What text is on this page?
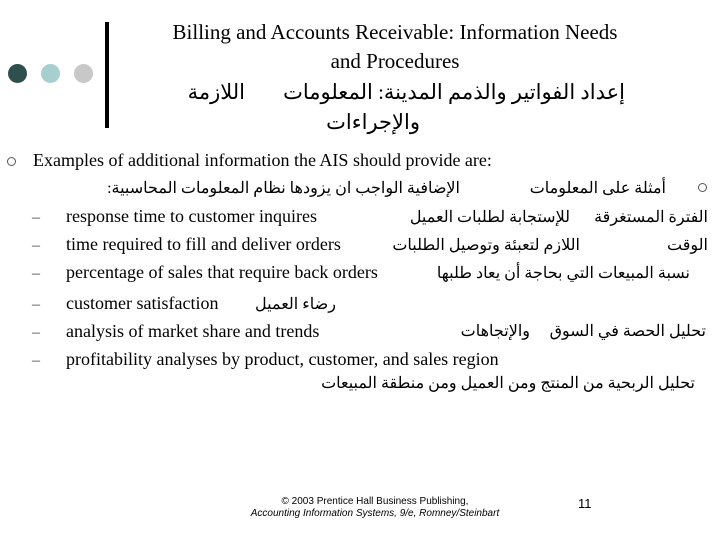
Billing and Accounts Receivable: Information Needs
and Procedures
إعداد الفواتير والذمم المدينة: المعلومات
اللازمة
والإجراءات
Examples of additional information the AIS should provide are:
أمثلة على المعلومات
الإضافية الواجب ان يزودها نظام المعلومات المحاسبية:
– response time to customer inquires	الفترة المستغرقة
للإستجابة لطلبات العميل
– time required to fill and deliver orders	الوقت
اللازم لتعبئة وتوصيل الطلبات
– percentage of sales that require back orders	نسبة المبيعات التي بحاجة أن يعاد طلبها
– customer satisfaction رضاء العميل
– analysis of market share and trends	تحليل الحصة في السوق
والإتجاهات
– profitability analyses by product, customer, and sales region
تحليل الربحية من المنتج ومن العميل ومن منطقة المبيعات
© 2003 Prentice Hall Business Publishing,
Accounting Information Systems, 9/e, Romney/Steinbart
11
